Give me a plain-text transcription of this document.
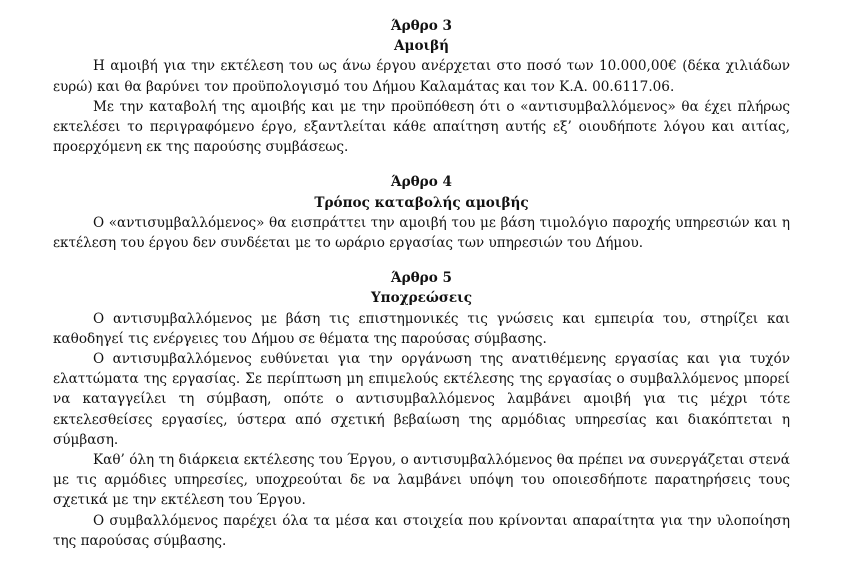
Άρθρο 3
Αμοιβή

Η αμοιβή για την εκτέλεση του ως άνω έργου ανέρχεται στο ποσό των 10.000,00€ (δέκα χιλιάδων ευρώ) και θα βαρύνει τον προϋπολογισμό του Δήμου Καλαμάτας και τον Κ.Α. 00.6117.06.

Με την καταβολή της αμοιβής και με την προϋπόθεση ότι ο «αντισυμβαλλόμενος» θα έχει πλήρως εκτελέσει το περιγραφόμενο έργο, εξαντλείται κάθε απαίτηση αυτής εξ’ οιουδήποτε λόγου και αιτίας, προερχόμενη εκ της παρούσης συμβάσεως.

Άρθρο 4
Τρόπος καταβολής αμοιβής

Ο «αντισυμβαλλόμενος» θα εισπράττει την αμοιβή του με βάση τιμολόγιο παροχής υπηρεσιών και η εκτέλεση του έργου δεν συνδέεται με το ωράριο εργασίας των υπηρεσιών του Δήμου.

Άρθρο 5
Υποχρεώσεις

Ο αντισυμβαλλόμενος με βάση τις επιστημονικές τις γνώσεις και εμπειρία του, στηρίζει και καθοδηγεί τις ενέργειες του Δήμου σε θέματα της παρούσας σύμβασης.

Ο αντισυμβαλλόμενος ευθύνεται για την οργάνωση της ανατιθέμενης εργασίας και για τυχόν ελαττώματα της εργασίας. Σε περίπτωση μη επιμελούς εκτέλεσης της εργασίας ο συμβαλλόμενος μπορεί να καταγγείλει τη σύμβαση, οπότε ο αντισυμβαλλόμενος λαμβάνει αμοιβή για τις μέχρι τότε εκτελεσθείσες εργασίες, ύστερα από σχετική βεβαίωση της αρμόδιας υπηρεσίας και διακόπτεται η σύμβαση.

Καθ’ όλη τη διάρκεια εκτέλεσης του Έργου, ο αντισυμβαλλόμενος θα πρέπει να συνεργάζεται στενά με τις αρμόδιες υπηρεσίες, υποχρεούται δε να λαμβάνει υπόψη του οποιεσδήποτε παρατηρήσεις τους σχετικά με την εκτέλεση του Έργου.

Ο συμβαλλόμενος παρέχει όλα τα μέσα και στοιχεία που κρίνονται απαραίτητα για την υλοποίηση της παρούσας σύμβασης.
